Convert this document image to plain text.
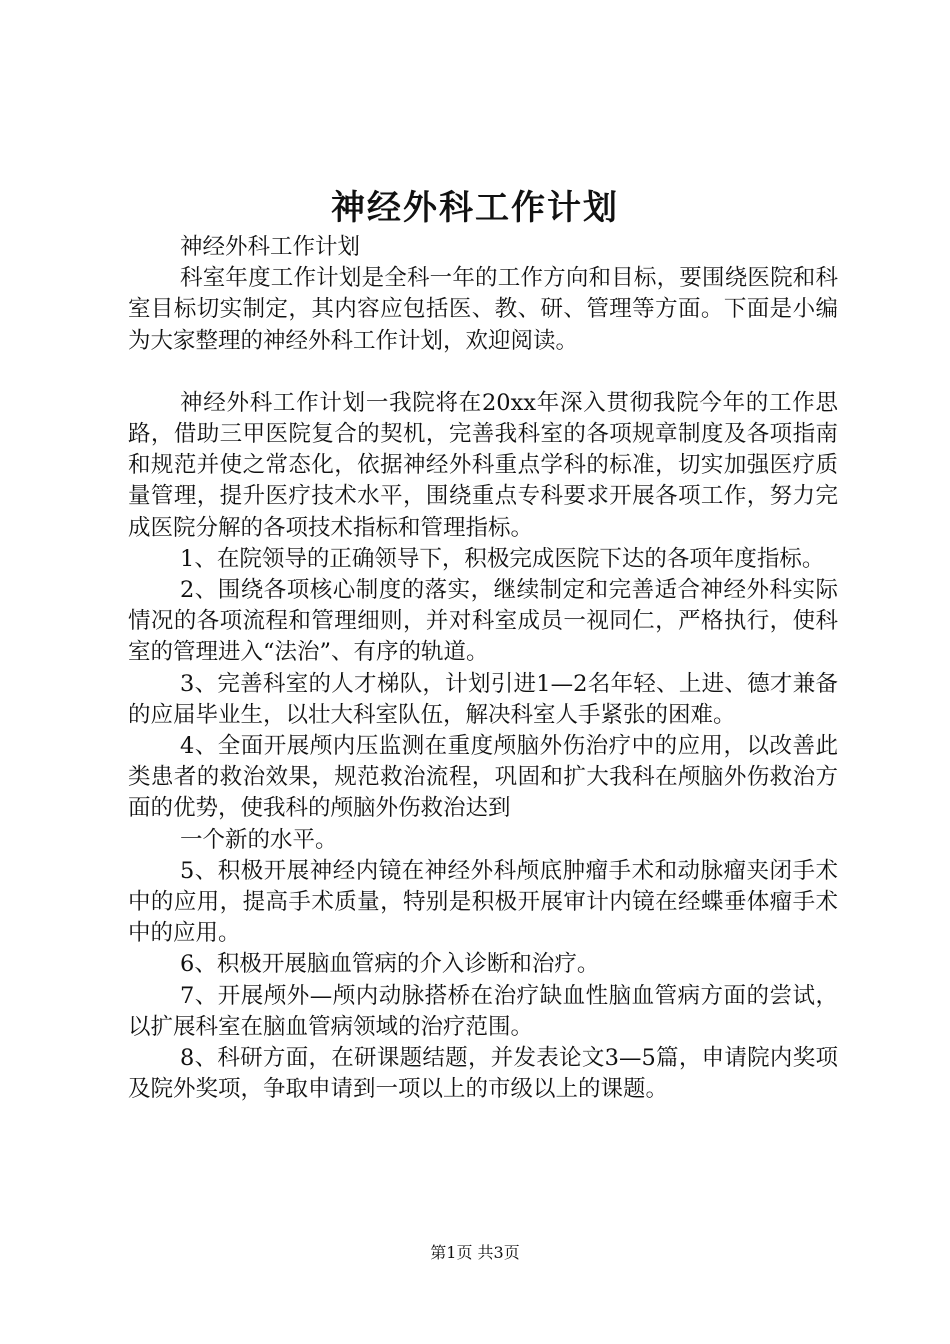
神经外科工作计划

神经外科工作计划

科室年度工作计划是全科一年的工作方向和目标，要围绕医院和科室目标切实制定，其内容应包括医、教、研、管理等方面。下面是小编为大家整理的神经外科工作计划，欢迎阅读。

神经外科工作计划一我院将在20xx年深入贯彻我院今年的工作思路，借助三甲医院复合的契机，完善我科室的各项规章制度及各项指南和规范并使之常态化，依据神经外科重点学科的标准，切实加强医疗质量管理，提升医疗技术水平，围绕重点专科要求开展各项工作，努力完成医院分解的各项技术指标和管理指标。

1、在院领导的正确领导下，积极完成医院下达的各项年度指标。

2、围绕各项核心制度的落实，继续制定和完善适合神经外科实际情况的各项流程和管理细则，并对科室成员一视同仁，严格执行，使科室的管理进入“法治”、有序的轨道。

3、完善科室的人才梯队，计划引进1—2名年轻、上进、德才兼备的应届毕业生，以壮大科室队伍，解决科室人手紧张的困难。

4、全面开展颅内压监测在重度颅脑外伤治疗中的应用，以改善此类患者的救治效果，规范救治流程，巩固和扩大我科在颅脑外伤救治方面的优势，使我科的颅脑外伤救治达到

一个新的水平。

5、积极开展神经内镜在神经外科颅底肿瘤手术和动脉瘤夹闭手术中的应用，提高手术质量，特别是积极开展审计内镜在经蝶垂体瘤手术中的应用。

6、积极开展脑血管病的介入诊断和治疗。

7、开展颅外—颅内动脉搭桥在治疗缺血性脑血管病方面的尝试，以扩展科室在脑血管病领域的治疗范围。

8、科研方面，在研课题结题，并发表论文3—5篇，申请院内奖项及院外奖项，争取申请到一项以上的市级以上的课题。

第1页 共3页
